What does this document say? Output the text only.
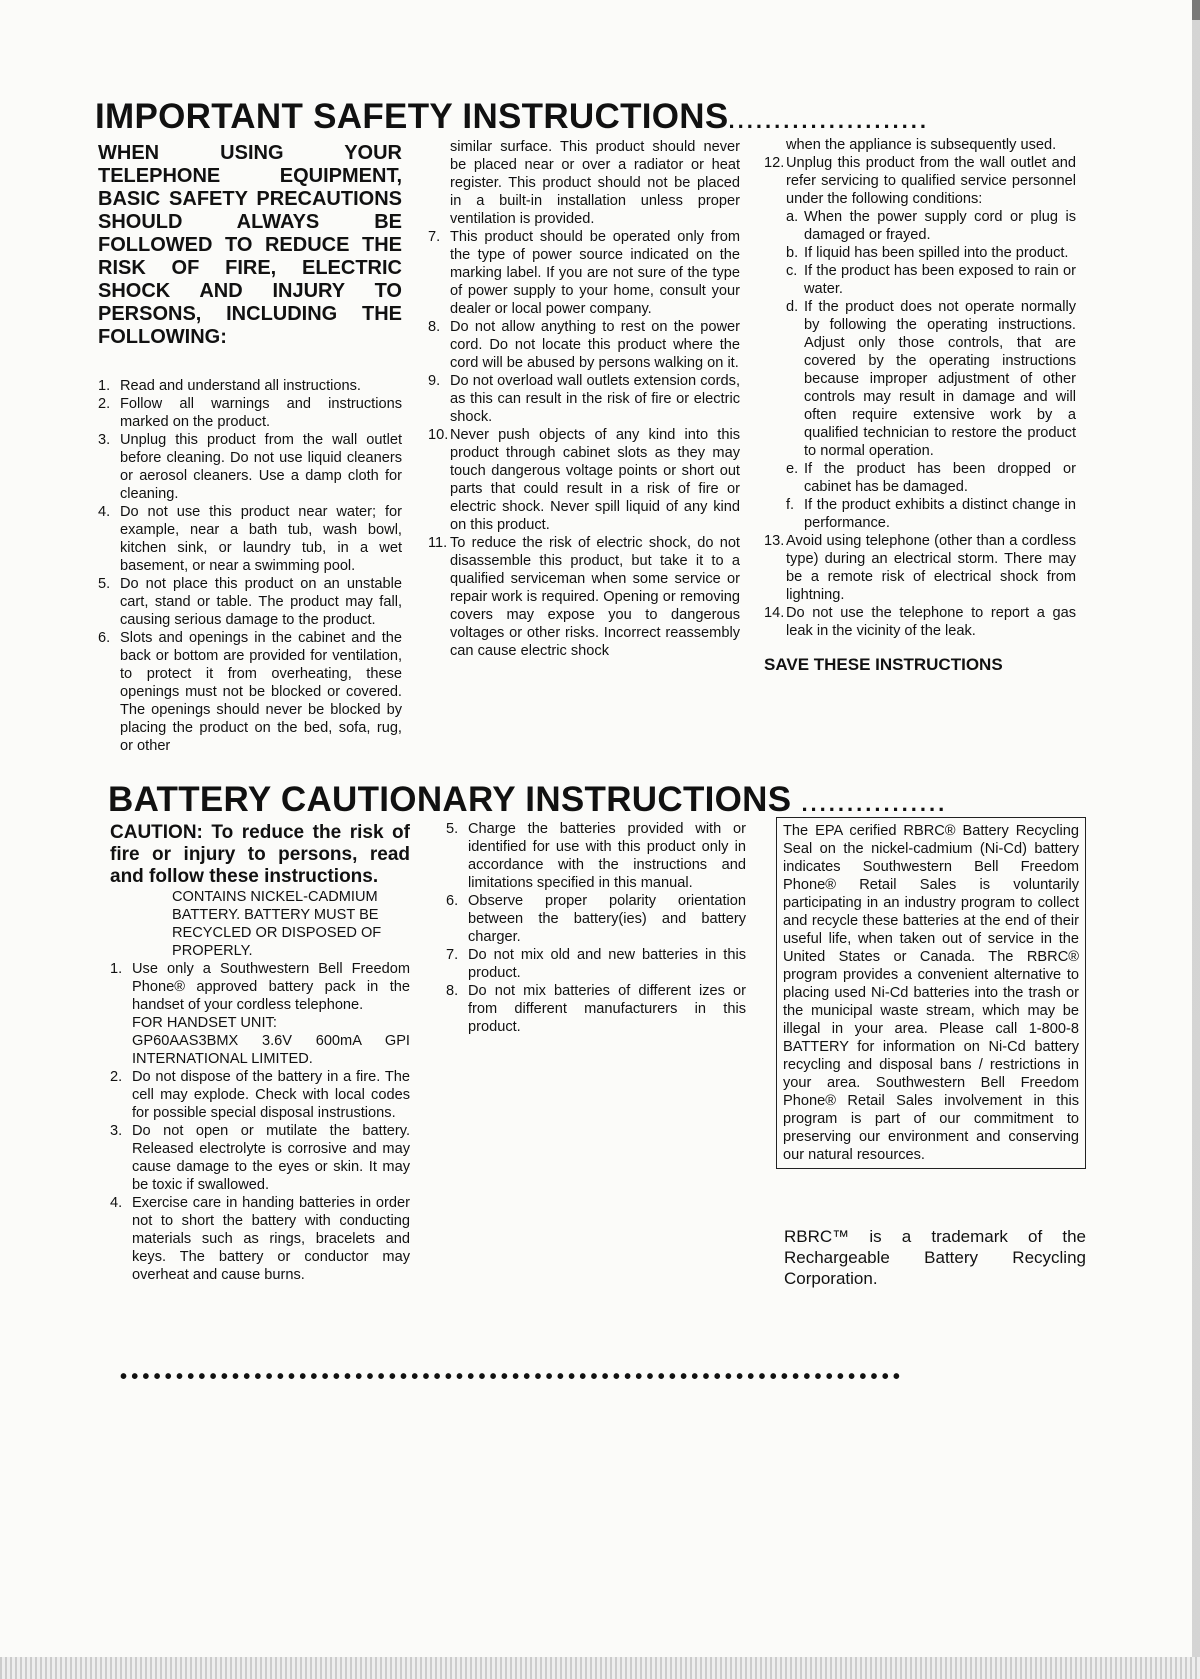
IMPORTANT SAFETY INSTRUCTIONS......................
WHEN USING YOUR TELEPHONE EQUIPMENT, BASIC SAFETY PRECAUTIONS SHOULD ALWAYS BE FOLLOWED TO REDUCE THE RISK OF FIRE, ELECTRIC SHOCK AND INJURY TO PERSONS, INCLUDING THE FOLLOWING:
1. Read and understand all instructions.
2. Follow all warnings and instructions marked on the product.
3. Unplug this product from the wall outlet before cleaning. Do not use liquid cleaners or aerosol cleaners. Use a damp cloth for cleaning.
4. Do not use this product near water; for example, near a bath tub, wash bowl, kitchen sink, or laundry tub, in a wet basement, or near a swimming pool.
5. Do not place this product on an unstable cart, stand or table. The product may fall, causing serious damage to the product.
6. Slots and openings in the cabinet and the back or bottom are provided for ventilation, to protect it from overheating, these openings must not be blocked or covered. The openings should never be blocked by placing the product on the bed, sofa, rug, or other
similar surface. This product should never be placed near or over a radiator or heat register. This product should not be placed in a built-in installation unless proper ventilation is provided.
7. This product should be operated only from the type of power source indicated on the marking label. If you are not sure of the type of power supply to your home, consult your dealer or local power company.
8. Do not allow anything to rest on the power cord. Do not locate this product where the cord will be abused by persons walking on it.
9. Do not overload wall outlets extension cords, as this can result in the risk of fire or electric shock.
10. Never push objects of any kind into this product through cabinet slots as they may touch dangerous voltage points or short out parts that could result in a risk of fire or electric shock. Never spill liquid of any kind on this product.
11. To reduce the risk of electric shock, do not disassemble this product, but take it to a qualified serviceman when some service or repair work is required. Opening or removing covers may expose you to dangerous voltages or other risks. Incorrect reassembly can cause electric shock
when the appliance is subsequently used.
12. Unplug this product from the wall outlet and refer servicing to qualified service personnel under the following conditions:
a. When the power supply cord or plug is damaged or frayed.
b. If liquid has been spilled into the product.
c. If the product has been exposed to rain or water.
d. If the product does not operate normally by following the operating instructions. Adjust only those controls, that are covered by the operating instructions because improper adjustment of other controls may result in damage and will often require extensive work by a qualified technician to restore the product to normal operation.
e. If the product has been dropped or cabinet has be damaged.
f. If the product exhibits a distinct change in performance.
13. Avoid using telephone (other than a cordless type) during an electrical storm. There may be a remote risk of electrical shock from lightning.
14. Do not use the telephone to report a gas leak in the vicinity of the leak.
SAVE THESE INSTRUCTIONS
BATTERY CAUTIONARY INSTRUCTIONS ................
CAUTION: To reduce the risk of fire or injury to persons, read and follow these instructions.
CONTAINS NICKEL-CADMIUM BATTERY. BATTERY MUST BE RECYCLED OR DISPOSED OF PROPERLY.
1. Use only a Southwestern Bell Freedom Phone® approved battery pack in the handset of your cordless telephone.
FOR HANDSET UNIT:
GP60AAS3BMX 3.6V 600mA GPI INTERNATIONAL LIMITED.
2. Do not dispose of the battery in a fire. The cell may explode. Check with local codes for possible special disposal instrustions.
3. Do not open or mutilate the battery. Released electrolyte is corrosive and may cause damage to the eyes or skin. It may be toxic if swallowed.
4. Exercise care in handing batteries in order not to short the battery with conducting materials such as rings, bracelets and keys. The battery or conductor may overheat and cause burns.
5. Charge the batteries provided with or identified for use with this product only in accordance with the instructions and limitations specified in this manual.
6. Observe proper polarity orientation between the battery(ies) and battery charger.
7. Do not mix old and new batteries in this product.
8. Do not mix batteries of different izes or from different manufacturers in this product.
The EPA cerified RBRC® Battery Recycling Seal on the nickel-cadmium (Ni-Cd) battery indicates Southwestern Bell Freedom Phone® Retail Sales is voluntarily participating in an industry program to collect and recycle these batteries at the end of their useful life, when taken out of service in the United States or Canada. The RBRC® program provides a convenient alternative to placing used Ni-Cd batteries into the trash or the municipal waste stream, which may be illegal in your area. Please call 1-800-8 BATTERY for information on Ni-Cd battery recycling and disposal bans / restrictions in your area. Southwestern Bell Freedom Phone® Retail Sales involvement in this program is part of our commitment to preserving our environment and conserving our natural resources.
RBRC™ is a trademark of the Rechargeable Battery Recycling Corporation.
••••••••••••••••••••••••••••••••••••••••••••••••••••••••••••••••••••••
